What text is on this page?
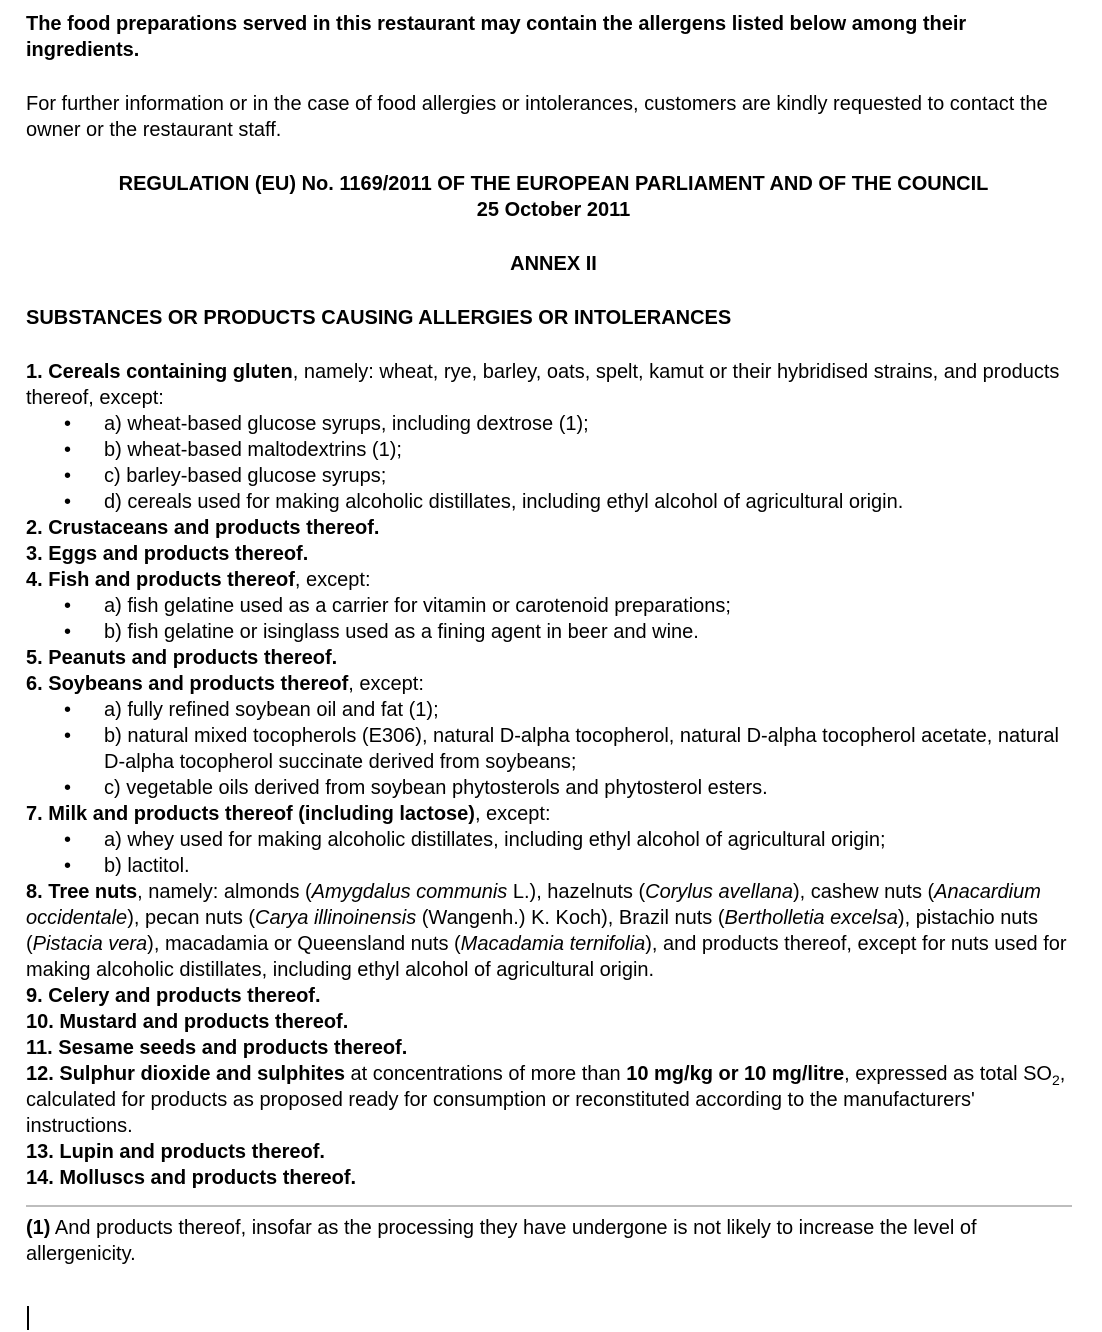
The food preparations served in this restaurant may contain the allergens listed below among their ingredients.

For further information or in the case of food allergies or intolerances, customers are kindly requested to contact the owner or the restaurant staff.

REGULATION (EU) No. 1169/2011 OF THE EUROPEAN PARLIAMENT AND OF THE COUNCIL

25 October 2011

ANNEX II

SUBSTANCES OR PRODUCTS CAUSING ALLERGIES OR INTOLERANCES

1. Cereals containing gluten, namely: wheat, rye, barley, oats, spelt, kamut or their hybridised strains, and products thereof, except:

• a) wheat-based glucose syrups, including dextrose (1);
• b) wheat-based maltodextrins (1);
• c) barley-based glucose syrups;
• d) cereals used for making alcoholic distillates, including ethyl alcohol of agricultural origin.

2. Crustaceans and products thereof.

3. Eggs and products thereof.

4. Fish and products thereof, except:

• a) fish gelatine used as a carrier for vitamin or carotenoid preparations;
• b) fish gelatine or isinglass used as a fining agent in beer and wine.

5. Peanuts and products thereof.

6. Soybeans and products thereof, except:

• a) fully refined soybean oil and fat (1);
• b) natural mixed tocopherols (E306), natural D-alpha tocopherol, natural D-alpha tocopherol acetate, natural D-alpha tocopherol succinate derived from soybeans;
• c) vegetable oils derived from soybean phytosterols and phytosterol esters.

7. Milk and products thereof (including lactose), except:

• a) whey used for making alcoholic distillates, including ethyl alcohol of agricultural origin;
• b) lactitol.

8. Tree nuts, namely: almonds (Amygdalus communis L.), hazelnuts (Corylus avellana), cashew nuts (Anacardium occidentale), pecan nuts (Carya illinoinensis (Wangenh.) K. Koch), Brazil nuts (Bertholletia excelsa), pistachio nuts (Pistacia vera), macadamia or Queensland nuts (Macadamia ternifolia), and products thereof, except for nuts used for making alcoholic distillates, including ethyl alcohol of agricultural origin.

9. Celery and products thereof.

10. Mustard and products thereof.

11. Sesame seeds and products thereof.

12. Sulphur dioxide and sulphites at concentrations of more than 10 mg/kg or 10 mg/litre, expressed as total $SO_2$, calculated for products as proposed ready for consumption or reconstituted according to the manufacturers' instructions.

13. Lupin and products thereof.

14. Molluscs and products thereof.

(1) And products thereof, insofar as the processing they have undergone is not likely to increase the level of allergenicity.
